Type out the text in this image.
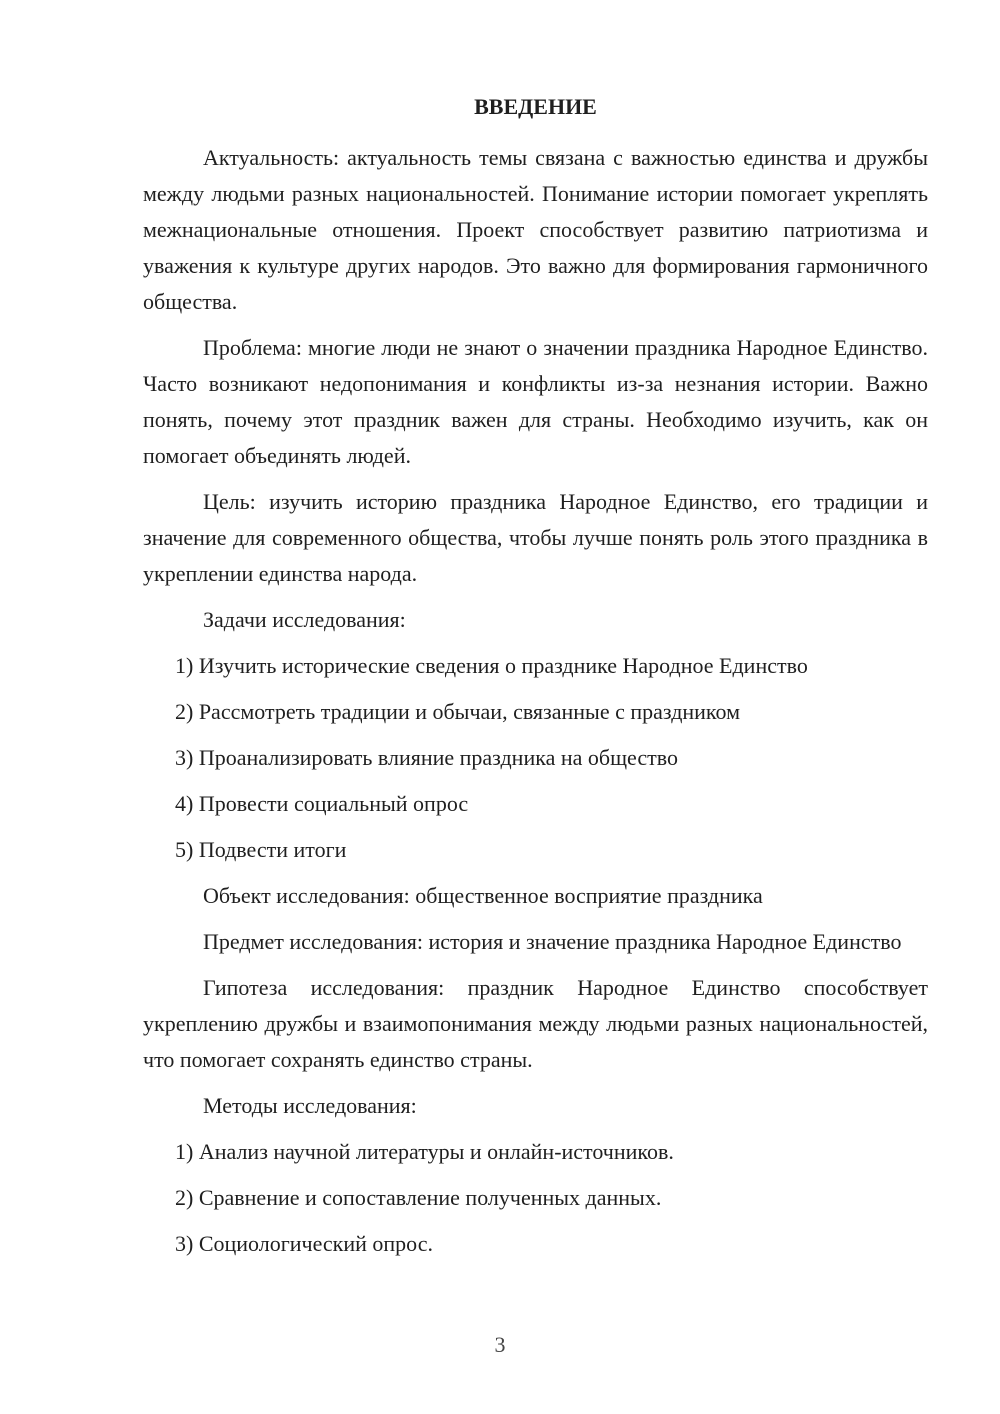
ВВЕДЕНИЕ

Актуальность: актуальность темы связана с важностью единства и дружбы между людьми разных национальностей. Понимание истории помогает укреплять межнациональные отношения. Проект способствует развитию патриотизма и уважения к культуре других народов. Это важно для формирования гармоничного общества.

Проблема: многие люди не знают о значении праздника Народное Единство. Часто возникают недопонимания и конфликты из-за незнания истории. Важно понять, почему этот праздник важен для страны. Необходимо изучить, как он помогает объединять людей.

Цель: изучить историю праздника Народное Единство, его традиции и значение для современного общества, чтобы лучше понять роль этого праздника в укреплении единства народа.

Задачи исследования:

1) Изучить исторические сведения о празднике Народное Единство
2) Рассмотреть традиции и обычаи, связанные с праздником
3) Проанализировать влияние праздника на общество
4) Провести социальный опрос
5) Подвести итоги

Объект исследования: общественное восприятие праздника

Предмет исследования: история и значение праздника Народное Единство

Гипотеза исследования: праздник Народное Единство способствует укреплению дружбы и взаимопонимания между людьми разных национальностей, что помогает сохранять единство страны.

Методы исследования:

1) Анализ научной литературы и онлайн-источников.
2) Сравнение и сопоставление полученных данных.
3) Социологический опрос.
3
